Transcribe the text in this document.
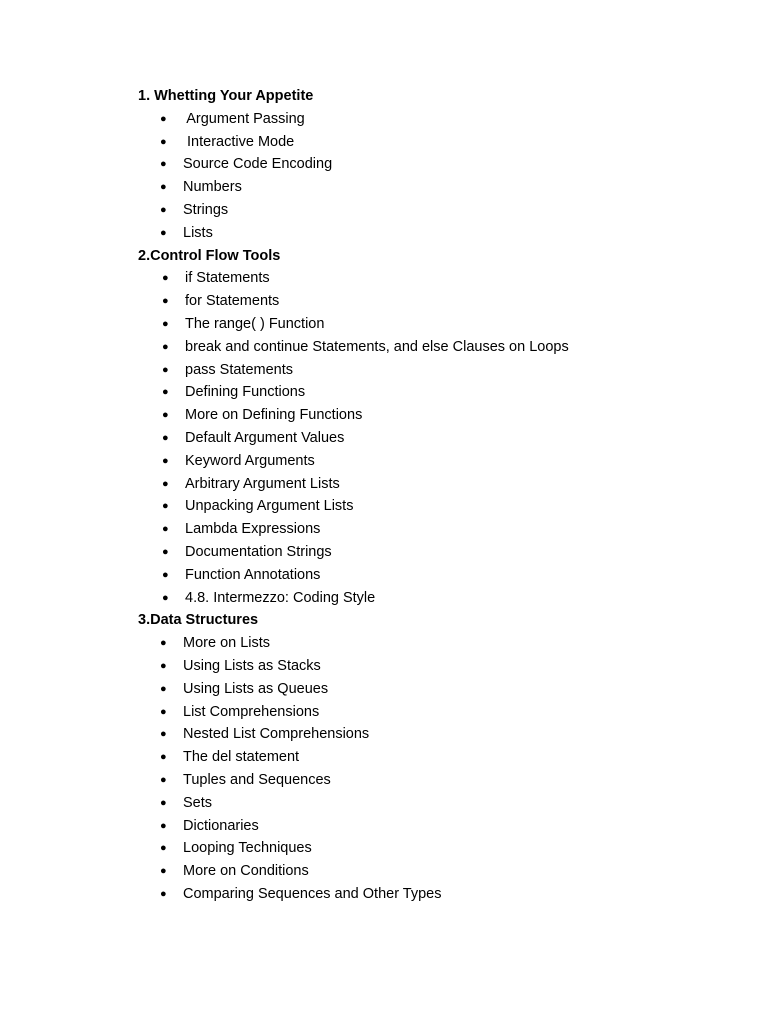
1. Whetting Your Appetite
● Argument Passing
● Interactive Mode
● Source Code Encoding
● Numbers
● Strings
● Lists
2.Control Flow Tools
● if Statements
● for Statements
● The range( ) Function
● break and continue Statements, and else Clauses on Loops
● pass Statements
● Defining Functions
● More on Defining Functions
● Default Argument Values
● Keyword Arguments
● Arbitrary Argument Lists
● Unpacking Argument Lists
● Lambda Expressions
● Documentation Strings
● Function Annotations
● 4.8. Intermezzo: Coding Style
3.Data Structures
● More on Lists
● Using Lists as Stacks
● Using Lists as Queues
● List Comprehensions
● Nested List Comprehensions
● The del statement
● Tuples and Sequences
● Sets
● Dictionaries
● Looping Techniques
● More on Conditions
● Comparing Sequences and Other Types
